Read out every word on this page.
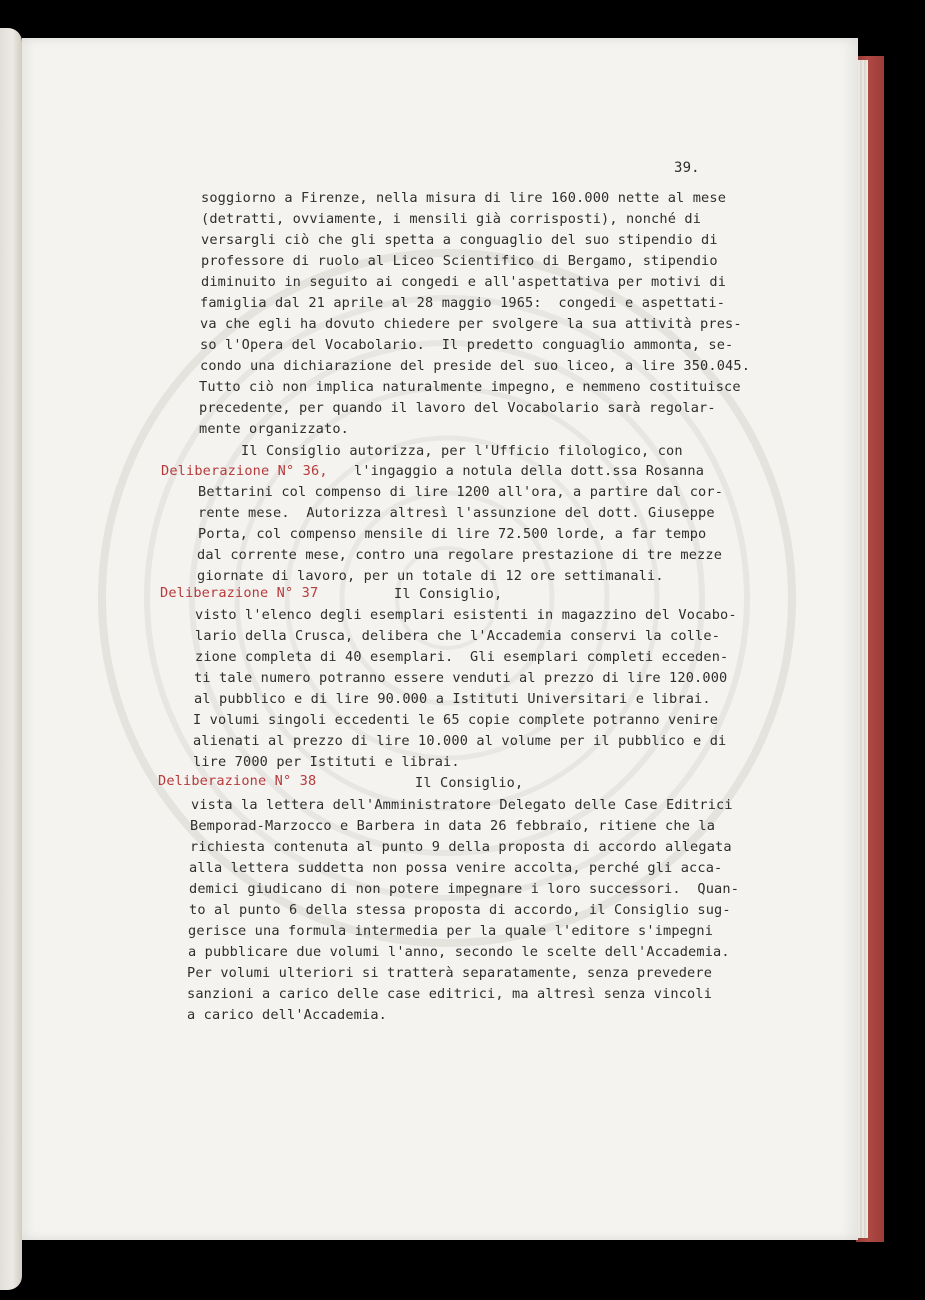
39.
soggiorno a Firenze, nella misura di lire 160.000 nette al mese
(detratti, ovviamente, i mensili già corrisposti), nonché di
versargli ciò che gli spetta a conguaglio del suo stipendio di
professore di ruolo al Liceo Scientifico di Bergamo, stipendio
diminuito in seguito ai congedi e all'aspettativa per motivi di
famiglia dal 21 aprile al 28 maggio 1965:  congedi e aspettati-
va che egli ha dovuto chiedere per svolgere la sua attività pres-
so l'Opera del Vocabolario.  Il predetto conguaglio ammonta, se-
condo una dichiarazione del preside del suo liceo, a lire 350.045.
Tutto ciò non implica naturalmente impegno, e nemmeno costituisce
precedente, per quando il lavoro del Vocabolario sarà regolar-
mente organizzato.
Il Consiglio autorizza, per l'Ufficio filologico, con
Deliberazione N° 36, l'ingaggio a notula della dott.ssa Rosanna
Bettarini col compenso di lire 1200 all'ora, a partire dal cor-
rente mese.  Autorizza altresì l'assunzione del dott. Giuseppe
Porta, col compenso mensile di lire 72.500 lorde, a far tempo
dal corrente mese, contro una regolare prestazione di tre mezze
giornate di lavoro, per un totale di 12 ore settimanali.
Deliberazione N° 37	Il Consiglio,
visto l'elenco degli esemplari esistenti in magazzino del Vocabo-
lario della Crusca, delibera che l'Accademia conservi la colle-
zione completa di 40 esemplari.  Gli esemplari completi ecceden-
ti tale numero potranno essere venduti al prezzo di lire 120.000
al pubblico e di lire 90.000 a Istituti Universitari e librai.
I volumi singoli eccedenti le 65 copie complete potranno venire
alienati al prezzo di lire 10.000 al volume per il pubblico e di
lire 7000 per Istituti e librai.
Deliberazione N° 38	Il Consiglio,
vista la lettera dell'Amministratore Delegato delle Case Editrici
Bemporad-Marzocco e Barbera in data 26 febbraio, ritiene che la
richiesta contenuta al punto 9 della proposta di accordo allegata
alla lettera suddetta non possa venire accolta, perché gli acca-
demici giudicano di non potere impegnare i loro successori.  Quan-
to al punto 6 della stessa proposta di accordo, il Consiglio sug-
gerisce una formula intermedia per la quale l'editore s'impegni
a pubblicare due volumi l'anno, secondo le scelte dell'Accademia.
Per volumi ulteriori si tratterà separatamente, senza prevedere
sanzioni a carico delle case editrici, ma altresì senza vincoli
a carico dell'Accademia.
